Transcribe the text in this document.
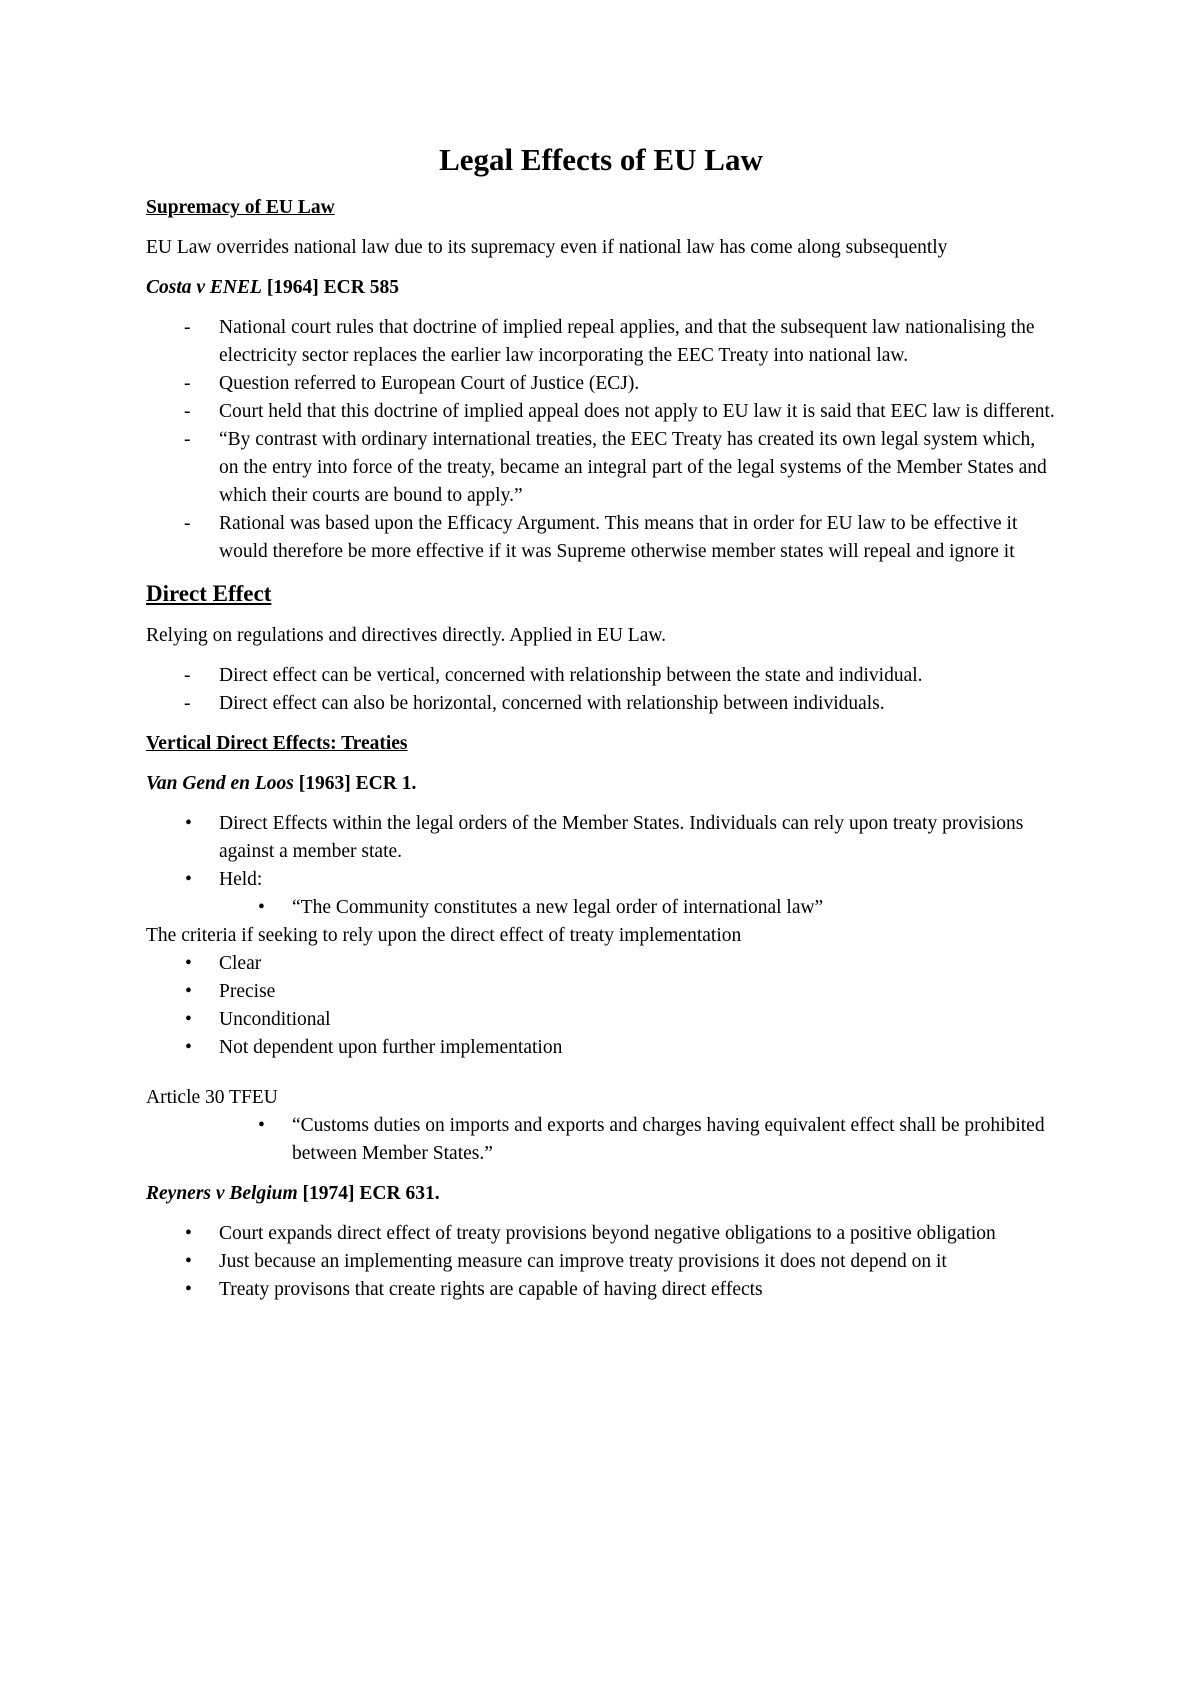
Legal Effects of EU Law
Supremacy of EU Law

EU Law overrides national law due to its supremacy even if national law has come along subsequently

Costa v ENEL [1964] ECR 585
- National court rules that doctrine of implied repeal applies, and that the subsequent law nationalising the electricity sector replaces the earlier law incorporating the EEC Treaty into national law.
- Question referred to European Court of Justice (ECJ).
- Court held that this doctrine of implied appeal does not apply to EU law it is said that EEC law is different.
- “By contrast with ordinary international treaties, the EEC Treaty has created its own legal system which, on the entry into force of the treaty, became an integral part of the legal systems of the Member States and which their courts are bound to apply.”
- Rational was based upon the Efficacy Argument. This means that in order for EU law to be effective it would therefore be more effective if it was Supreme otherwise member states will repeal and ignore it
Direct Effect

Relying on regulations and directives directly. Applied in EU Law.

- Direct effect can be vertical, concerned with relationship between the state and individual.
- Direct effect can also be horizontal, concerned with relationship between individuals.
Vertical Direct Effects: Treaties
Van Gend en Loos [1963] ECR 1.
• Direct Effects within the legal orders of the Member States. Individuals can rely upon treaty provisions against a member state.
• Held:
• “The Community constitutes a new legal order of international law”
The criteria if seeking to rely upon the direct effect of treaty implementation
• Clear
• Precise
• Unconditional
• Not dependent upon further implementation
Article 30 TFEU
• “Customs duties on imports and exports and charges having equivalent effect shall be prohibited between Member States.”
Reyners v Belgium [1974] ECR 631.
• Court expands direct effect of treaty provisions beyond negative obligations to a positive obligation
• Just because an implementing measure can improve treaty provisions it does not depend on it
• Treaty provisons that create rights are capable of having direct effects
